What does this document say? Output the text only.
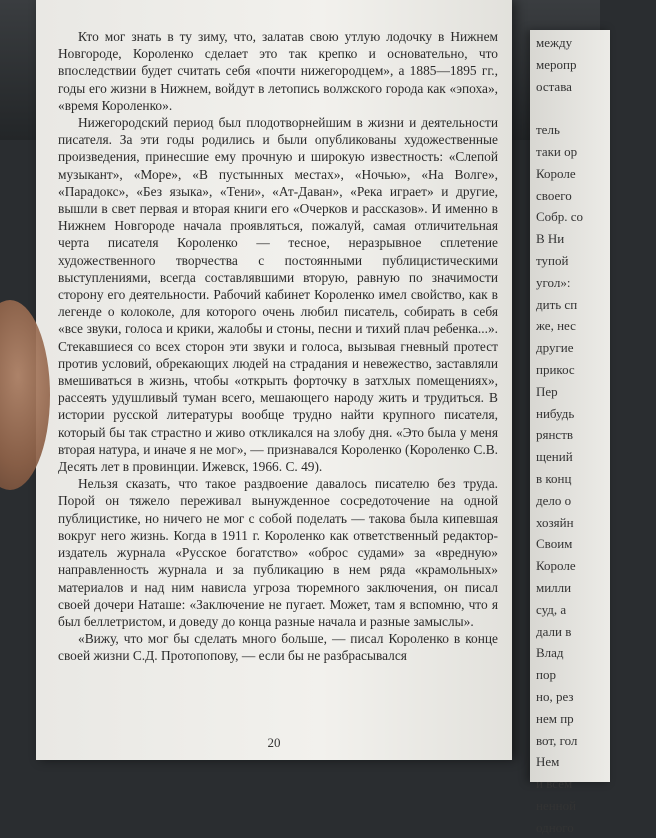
между

меропр

остава

тель

таки ор

Короле

своего

Собр. со

В Ни

тупой

угол»:

дить сп

же, нес

другие

прикос

Пер

нибудь

рянств

щений

в конц

дело о

хозяйн

Своим

Короле

милли

суд, а

дали в

Влад

пор

но, рез

нем пр

вот, гол

Нем

и всем

ненной

одного

Кто мог знать в ту зиму, что, залатав свою утлую лодочку в Нижнем Новгороде, Короленко сделает это так крепко и основательно, что впоследствии будет считать себя «почти нижегородцем», а 1885—1895 гг., годы его жизни в Нижнем, войдут в летопись волжского города как «эпоха», «время Короленко».

Нижегородский период был плодотворнейшим в жизни и деятельности писателя. За эти годы родились и были опубликованы художественные произведения, принесшие ему прочную и широкую известность: «Слепой музыкант», «Море», «В пустынных местах», «Ночью», «На Волге», «Парадокс», «Без языка», «Тени», «Ат-Даван», «Река играет» и другие, вышли в свет первая и вторая книги его «Очерков и рассказов». И именно в Нижнем Новгороде начала проявляться, пожалуй, самая отличительная черта писателя Короленко — тесное, неразрывное сплетение художественного творчества с постоянными публицистическими выступлениями, всегда составлявшими вторую, равную по значимости сторону его деятельности. Рабочий кабинет Короленко имел свойство, как в легенде о колоколе, для которого очень любил писатель, собирать в себя «все звуки, голоса и крики, жалобы и стоны, песни и тихий плач ребенка...». Стекавшиеся со всех сторон эти звуки и голоса, вызывая гневный протест против условий, обрекающих людей на страдания и невежество, заставляли вмешиваться в жизнь, чтобы «открыть форточку в затхлых помещениях», рассеять удушливый туман всего, мешающего народу жить и трудиться. В истории русской литературы вообще трудно найти крупного писателя, который бы так страстно и живо откликался на злобу дня. «Это была у меня вторая натура, и иначе я не мог», — признавался Короленко (Короленко С.В. Десять лет в провинции. Ижевск, 1966. С. 49).

Нельзя сказать, что такое раздвоение давалось писателю без труда. Порой он тяжело переживал вынужденное сосредоточение на одной публицистике, но ничего не мог с собой поделать — такова была кипевшая вокруг него жизнь. Когда в 1911 г. Короленко как ответственный редактор-издатель журнала «Русское богатство» «оброс судами» за «вредную» направленность журнала и за публикацию в нем ряда «крамольных» материалов и над ним нависла угроза тюремного заключения, он писал своей дочери Наташе: «Заключение не пугает. Может, там я вспомню, что я был беллетристом, и доведу до конца разные начала и разные замыслы».

«Вижу, что мог бы сделать много больше, — писал Короленко в конце своей жизни С.Д. Протопопову, — если бы не разбрасывался

20
